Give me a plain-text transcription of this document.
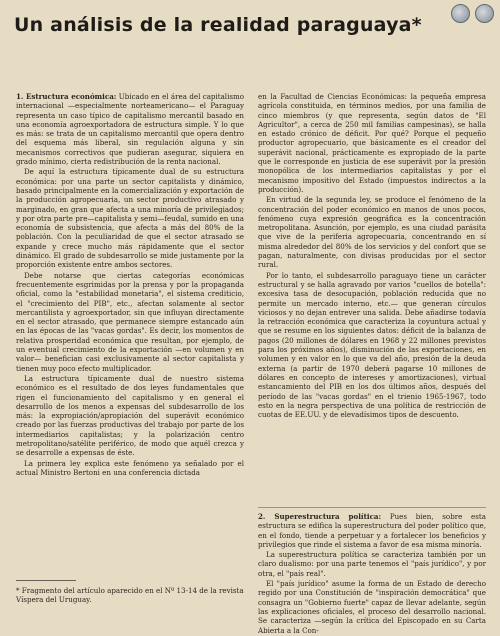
Un análisis de la realidad paraguaya*

1. Estructura económica: Ubicado en el área del capitalismo internacional —especialmente norteamericano— el Paraguay representa un caso típico de capitalismo mercantil basado en una economía agroexportadora de estructura simple. Y lo que es más: se trata de un capitalismo mercantil que opera dentro del esquema más liberal, sin regulación alguna y sin mecanismos correctivos que pudieran asegurar, siquiera en grado mínimo, cierta redistribución de la renta nacional.

De aquí la estructura típicamente dual de su estructura económica: por una parte un sector capitalista y dinámico, basado principalmente en la comercialización y exportación de la producción agropecuaria, un sector productivo atrasado y marginado, en gran que afecta a una minoría de privilegiados; y por otra parte pre—capitalista y semi—feudal, sumido en una economía de subsistencia, que afecta a más del 80% de la población. Con la peculiaridad de que el sector atrasado se expande y crece mucho más rápidamente que el sector dinámico. El grado de subdesarrollo se mide justamente por la proporción existente entre ambos sectores.

Debe notarse que ciertas categorías económicas frecuentemente esgrimidas por la prensa y por la propaganda oficial, como la "estabilidad monetaria", el sistema crediticio, el "crecimiento del PIB", etc., afectan solamente al sector mercantilista y agroexportador, sin que influyan directamente en el sector atrasado, que permanece siempre estancado aún en las épocas de las "vacas gordas". Es decir, los momentos de relativa prosperidad económica que resultan, por ejemplo, de un eventual crecimiento de la exportación —en volumen y en valor— benefician casi exclusivamente al sector capitalista y tienen muy poco efecto multiplicador.

La estructura típicamente dual de nuestro sistema económico es el resultado de dos leyes fundamentales que rigen el funcionamiento del capitalismo y en general el desarrollo de los menos a expensas del subdesarrollo de los más: la expropiación/apropiación del superávit económico creado por las fuerzas productivas del trabajo por parte de los intermediarios capitalistas; y la polarización centro metropolitano/satélite periférico, de modo que aquél crezca y se desarrolle a expensas de éste.

La primera ley explica este fenómeno ya señalado por el actual Ministro Bertoni en una conferencia dictada

en la Facultad de Ciencias Económicas: la pequeña empresa agrícola constituida, en términos medios, por una familia de cinco miembros (y que representa, según datos de "El Agricultor", a cerca de 250 mil familias campesinas), se halla en estado crónico de déficit. Por qué? Porque el pequeño productor agropecuario, que básicamente es el creador del superávit nacional, prácticamente es expropiado de la parte que le corresponde en justicia de ese superávit por la presión monopólica de los intermediarios capitalistas y por el mecanismo impositivo del Estado (impuestos indirectos a la producción).

En virtud de la segunda ley, se produce el fenómeno de la concentración del poder económico en manos de unos pocos, fenómeno cuya expresión geográfica es la concentración metropolitana. Asunción, por ejemplo, es una ciudad parásita que vive de la periferia agropecuaria, concentrando en sí misma alrededor del 80% de los servicios y del confort que se pagan, naturalmente, con divisas producidas por el sector rural.

Por lo tanto, el subdesarrollo paraguayo tiene un carácter estructural y se halla agravado por varios "cuellos de botella": excesiva tasa de desocupación, población reducida que no permite un mercado interno, etc.— que generan círculos viciosos y no dejan entrever una salida. Debe añadirse todavía la retracción económica que caracteriza la coyuntura actual y que se resume en los siguientes datos: déficit de la balanza de pagos (20 millones de dólares en 1968 y 22 millones previstos para los próximos años), disminución de las exportaciones, en volumen y en valor en lo que va del año, presión de la deuda externa (a partir de 1970 deberá pagarse 10 millones de dólares en concepto de intereses y amortizaciones), virtual estancamiento del PIB en los dos últimos años, después del período de las "vacas gordas" en el trienio 1965-1967, todo esto en la negra perspectiva de una política de restricción de cuotas de EE.UU. y de elevadísimos tipos de descuento.

2. Superestructura política: Pues bien, sobre esta estructura se edifica la superestructura del poder político que, en el fondo, tiende a perpetuar y a fortalecer los beneficios y privilegios que rinde el sistema a favor de esa misma minoría.

La superestructura política se caracteriza también por un claro dualismo: por una parte tenemos el "país jurídico", y por otra, el "país real".

El "país jurídico" asume la forma de un Estado de derecho regido por una Constitución de "inspiración democrática" que consagra un "Gobierno fuerte" capaz de llevar adelante, según las explicaciones oficiales, el proceso del desarrollo nacional. Se caracteriza —según la crítica del Episcopado en su Carta Abierta a la Con-

* Fragmento del artículo aparecido en el Nº 13-14 de la revista Víspera del Uruguay.
